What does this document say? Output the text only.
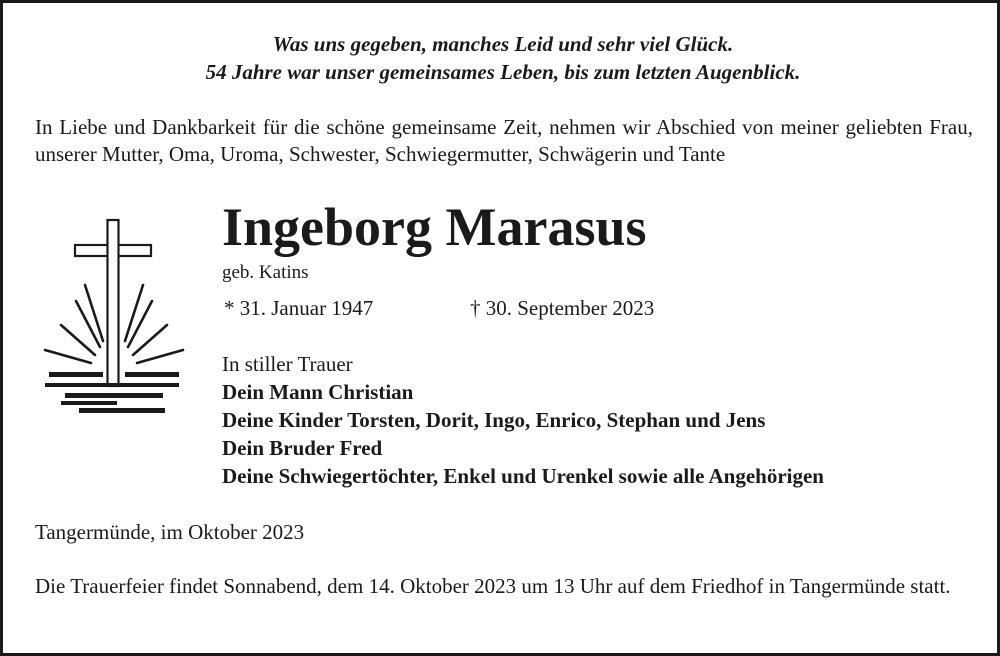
Was uns gegeben, manches Leid und sehr viel Glück.
54 Jahre war unser gemeinsames Leben, bis zum letzten Augenblick.
In Liebe und Dankbarkeit für die schöne gemeinsame Zeit, nehmen wir Abschied von meiner geliebten Frau, unserer Mutter, Oma, Uroma, Schwester, Schwiegermutter, Schwägerin und Tante
Ingeborg Marasus
geb. Katins
* 31. Januar 1947	† 30. September 2023
In stiller Trauer
Dein Mann Christian
Deine Kinder Torsten, Dorit, Ingo, Enrico, Stephan und Jens
Dein Bruder Fred
Deine Schwiegertöchter, Enkel und Urenkel sowie alle Angehörigen
Tangermünde, im Oktober 2023
Die Trauerfeier findet Sonnabend, dem 14. Oktober 2023 um 13 Uhr auf dem Friedhof in Tangermünde statt.
